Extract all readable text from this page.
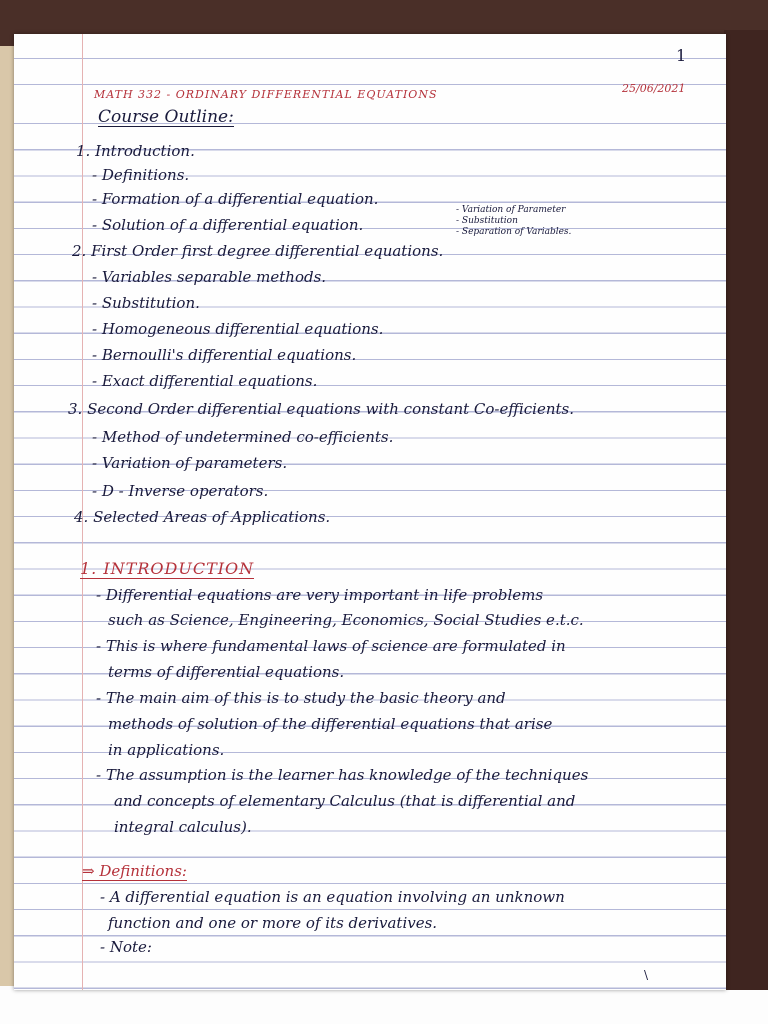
1
MATH 332 - ORDINARY DIFFERENTIAL EQUATIONS	25/06/2021
Course Outline:
1. Introduction.
- Definitions.
- Formation of a differential equation.
- Solution of a differential equation.
- Variation of Parameter
- Substitution
- Separation of Variables.
2. First Order first degree differential equations.
- Variables separable methods.
- Substitution.
- Homogeneous differential equations.
- Bernoulli's differential equations.
- Exact differential equations.
3. Second Order differential equations with constant Co-efficients.
- Method of undetermined co-efficients.
- Variation of parameters.
- D - Inverse operators.
4. Selected Areas of Applications.
1. INTRODUCTION
- Differential equations are very important in life problems
such as Science, Engineering, Economics, Social Studies e.t.c.
- This is where fundamental laws of science are formulated in
terms of differential equations.
- The main aim of this is to study the basic theory and
methods of solution of the differential equations that arise
in applications.
- The assumption is the learner has knowledge of the techniques
and concepts of elementary Calculus (that is differential and
integral calculus).
⇒ Definitions:
- A differential equation is an equation involving an unknown
function and one or more of its derivatives.
- Note:
\
